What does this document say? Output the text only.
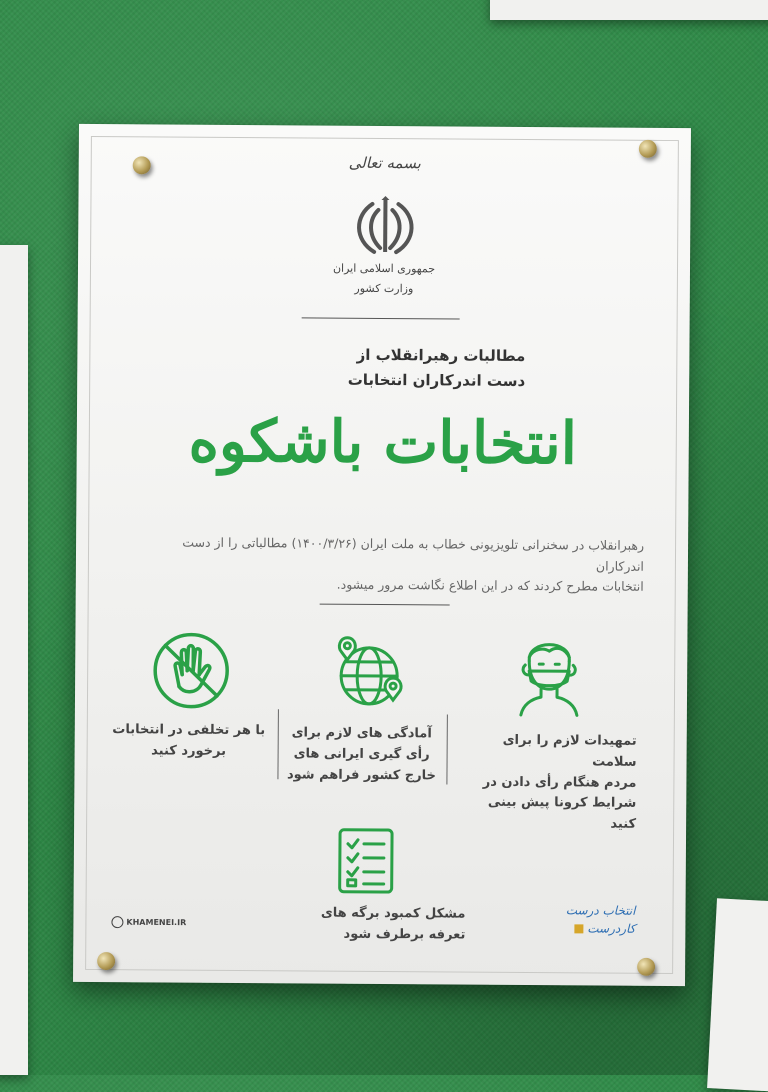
بسمه تعالی
جمهوری اسلامی ایران
وزارت کشور
مطالبات رهبرانقلاب از
دست اندرکاران انتخابات
انتخابات باشکوه
رهبرانقلاب در سخنرانی تلویزیونی خطاب به ملت ایران (۱۴۰۰/۳/۲۶) مطالباتی را از دست اندرکاران
انتخابات مطرح کردند که در این اطلاع نگاشت مرور میشود.
تمهیدات لازم را برای سلامت
مردم هنگام رأی دادن در
شرایط کرونا پیش بینی کنید
آمادگی های لازم برای
رأی گیری ایرانی های
خارج کشور فراهم شود
با هر تخلفی در انتخابات
برخورد کنید
مشکل کمبود برگه های
تعرفه برطرف شود
KHAMENEI.IR
انتخاب درست
کاردرست
